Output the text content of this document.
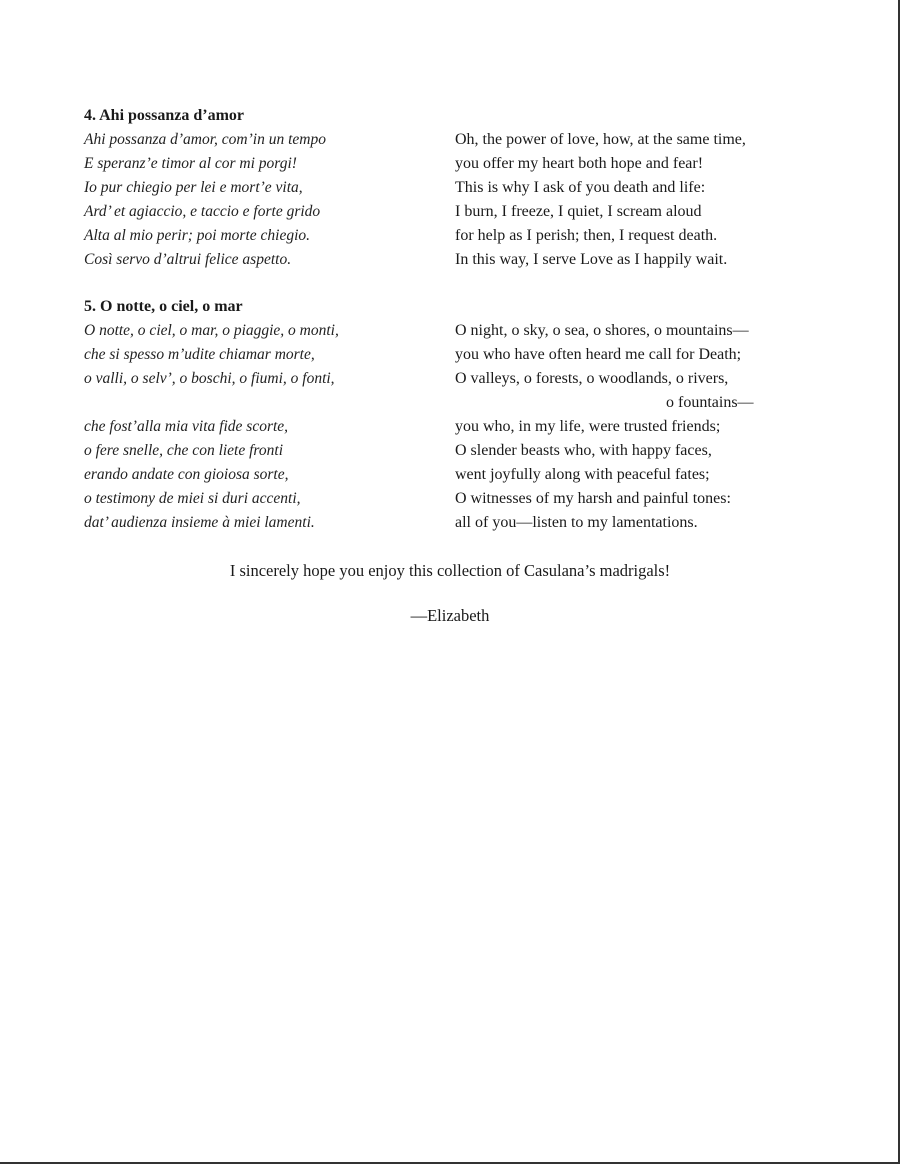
4. Ahi possanza d’amor
Ahi possanza d’amor, com’in un tempo	Oh, the power of love, how, at the same time,
E speranz’e timor al cor mi porgi!	you offer my heart both hope and fear!
Io pur chiegio per lei e mort’e vita,	This is why I ask of you death and life:
Ard’ et agiaccio, e taccio e forte grido	I burn, I freeze, I quiet, I scream aloud
Alta al mio perir; poi morte chiegio.	for help as I perish; then, I request death.
Così servo d’altrui felice aspetto.	In this way, I serve Love as I happily wait.
5. O notte, o ciel, o mar
O notte, o ciel, o mar, o piaggie, o monti,	O night, o sky, o sea, o shores, o mountains—
che si spesso m’udite chiamar morte,	you who have often heard me call for Death;
o valli, o selv’, o boschi, o fiumi, o fonti,	O valleys, o forests, o woodlands, o rivers,
o fountains—
che fost’alla mia vita fide scorte,	you who, in my life, were trusted friends;
o fere snelle, che con liete fronti	O slender beasts who, with happy faces,
erando andate con gioiosa sorte,	went joyfully along with peaceful fates;
o testimony de miei si duri accenti,	O witnesses of my harsh and painful tones:
dat’ audienza insieme à miei lamenti.	all of you—listen to my lamentations.
I sincerely hope you enjoy this collection of Casulana’s madrigals!
—Elizabeth
